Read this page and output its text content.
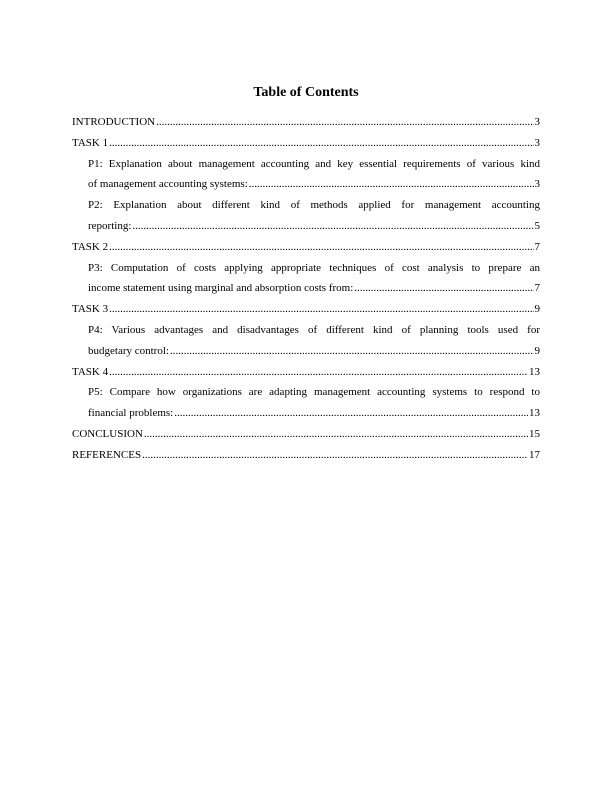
Table of Contents
INTRODUCTION .....	3
TASK 1 .....	3
P1: Explanation about management accounting and key essential requirements of various kind
of management accounting systems: .....	3
P2: Explanation about different kind of methods applied for management accounting
reporting: .....	5
TASK 2 .....	7
P3: Computation of costs applying appropriate techniques of cost analysis to prepare an
income statement using marginal and absorption costs from: .....	7
TASK 3 .....	9
P4: Various advantages and disadvantages of different kind of planning tools used for
budgetary control: .....	9
TASK 4 .....	13
P5: Compare how organizations are adapting management accounting systems to respond to
financial problems: .....	13
CONCLUSION .....	15
REFERENCES .....	17
